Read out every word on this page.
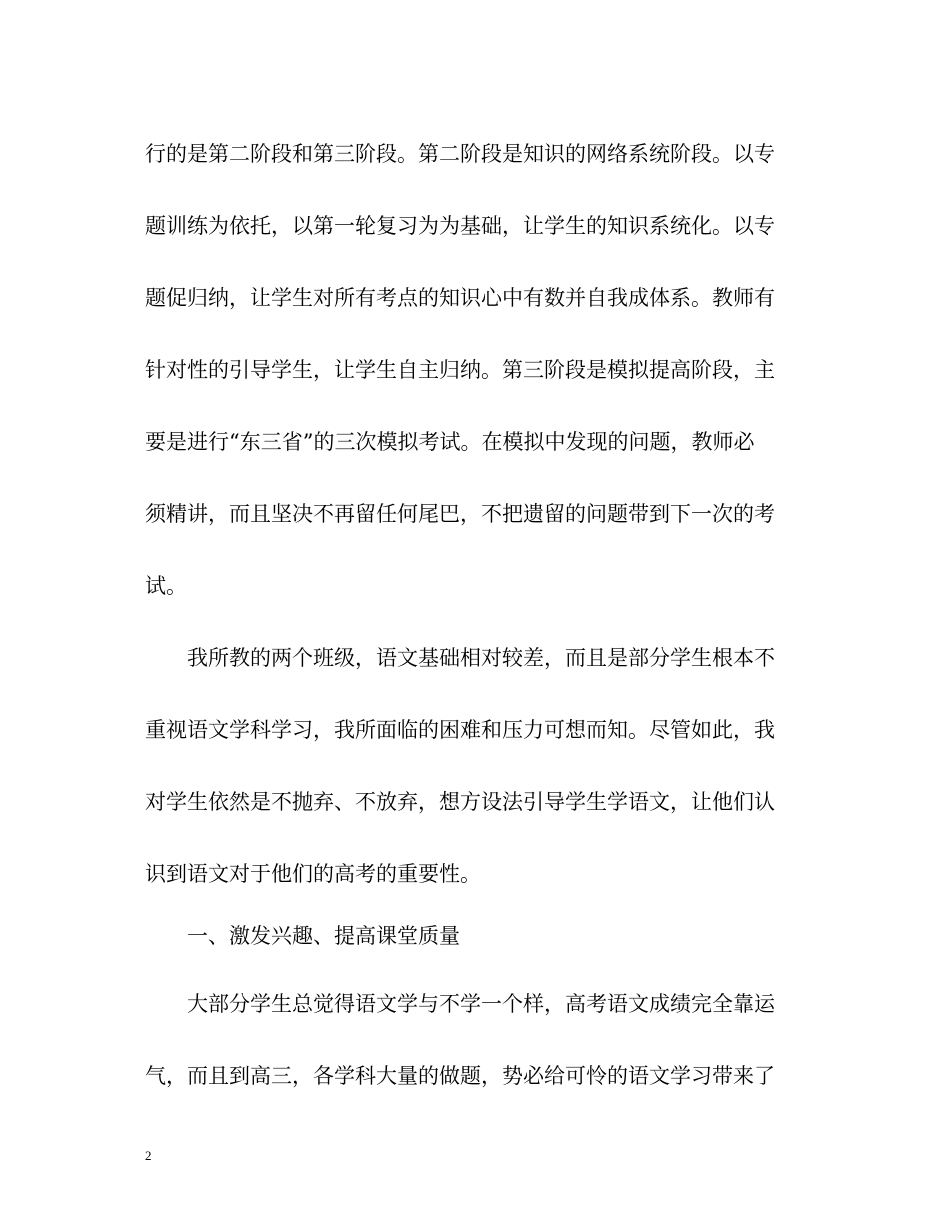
行的是第二阶段和第三阶段。第二阶段是知识的网络系统阶段。以专
题训练为依托，以第一轮复习为为基础，让学生的知识系统化。以专
题促归纳，让学生对所有考点的知识心中有数并自我成体系。教师有
针对性的引导学生，让学生自主归纳。第三阶段是模拟提高阶段，主
要是进行“东三省”的三次模拟考试。在模拟中发现的问题，教师必
须精讲，而且坚决不再留任何尾巴，不把遗留的问题带到下一次的考
试。
我所教的两个班级，语文基础相对较差，而且是部分学生根本不
重视语文学科学习，我所面临的困难和压力可想而知。尽管如此，我
对学生依然是不抛弃、不放弃，想方设法引导学生学语文，让他们认
识到语文对于他们的高考的重要性。
一、激发兴趣、提高课堂质量
大部分学生总觉得语文学与不学一个样，高考语文成绩完全靠运
气，而且到高三，各学科大量的做题，势必给可怜的语文学习带来了
2
